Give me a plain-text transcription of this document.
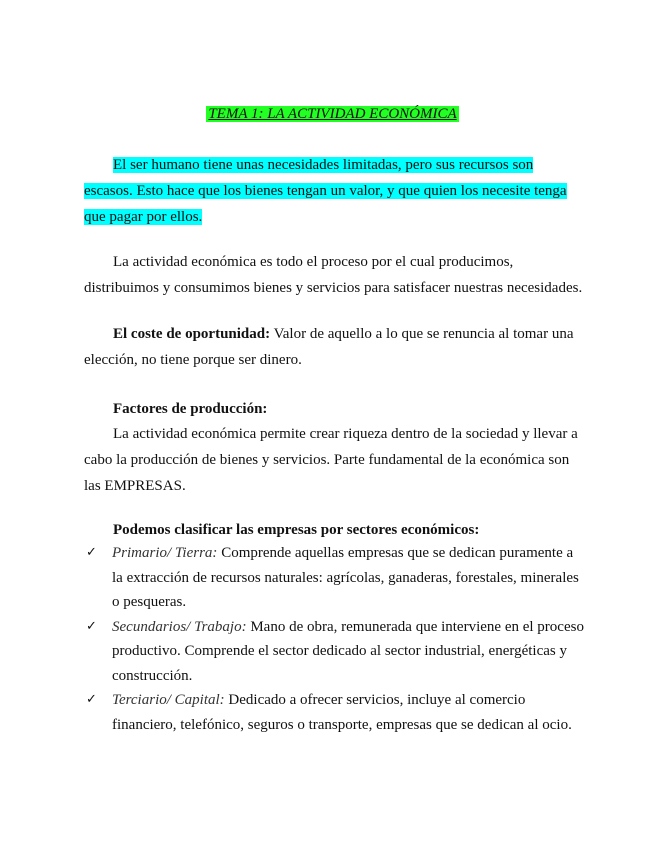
TEMA 1: LA ACTIVIDAD ECONÓMICA
El ser humano tiene unas necesidades limitadas, pero sus recursos son escasos. Esto hace que los bienes tengan un valor, y que quien los necesite tenga que pagar por ellos.
La actividad económica es todo el proceso por el cual producimos, distribuimos y consumimos bienes y servicios para satisfacer nuestras necesidades.
El coste de oportunidad: Valor de aquello a lo que se renuncia al tomar una elección, no tiene porque ser dinero.
Factores de producción:
La actividad económica permite crear riqueza dentro de la sociedad y llevar a cabo la producción de bienes y servicios. Parte fundamental de la económica son las EMPRESAS.
Podemos clasificar las empresas por sectores económicos:
✓ Primario/ Tierra: Comprende aquellas empresas que se dedican puramente a la extracción de recursos naturales: agrícolas, ganaderas, forestales, minerales o pesqueras.
✓ Secundarios/ Trabajo: Mano de obra, remunerada que interviene en el proceso productivo. Comprende el sector dedicado al sector industrial, energéticas y construcción.
✓ Terciario/ Capital: Dedicado a ofrecer servicios, incluye al comercio financiero, telefónico, seguros o transporte, empresas que se dedican al ocio.
